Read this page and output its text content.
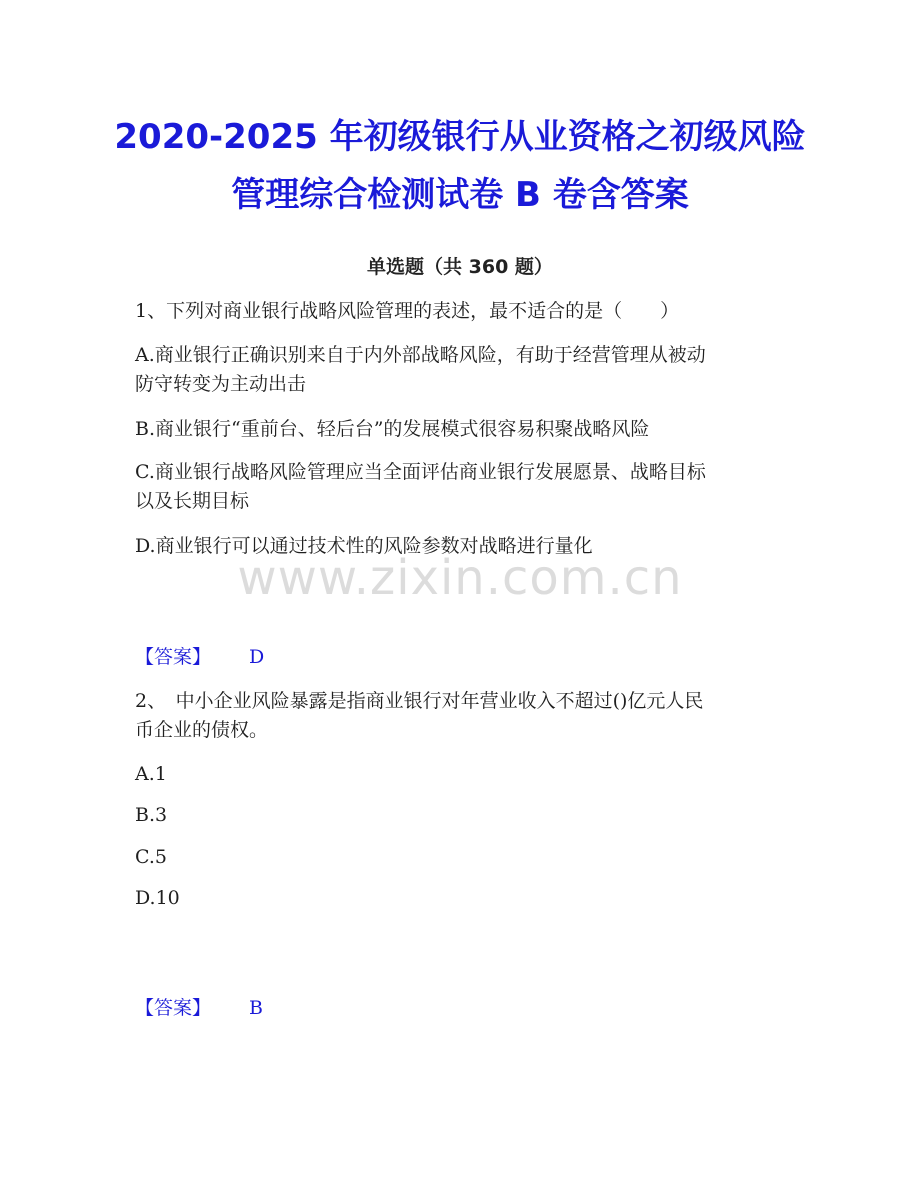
2020-2025 年初级银行从业资格之初级风险管理综合检测试卷 B 卷含答案
单选题（共 360 题）
1、下列对商业银行战略风险管理的表述，最不适合的是（　　）
A.商业银行正确识别来自于内外部战略风险，有助于经营管理从被动
防守转变为主动出击
B.商业银行“重前台、轻后台”的发展模式很容易积聚战略风险
C.商业银行战略风险管理应当全面评估商业银行发展愿景、战略目标
以及长期目标
D.商业银行可以通过技术性的风险参数对战略进行量化
www.zixin.com.cn
【答案】 D
2、　中小企业风险暴露是指商业银行对年营业收入不超过()亿元人民
币企业的债权。
A.1
B.3
C.5
D.10
【答案】 B
